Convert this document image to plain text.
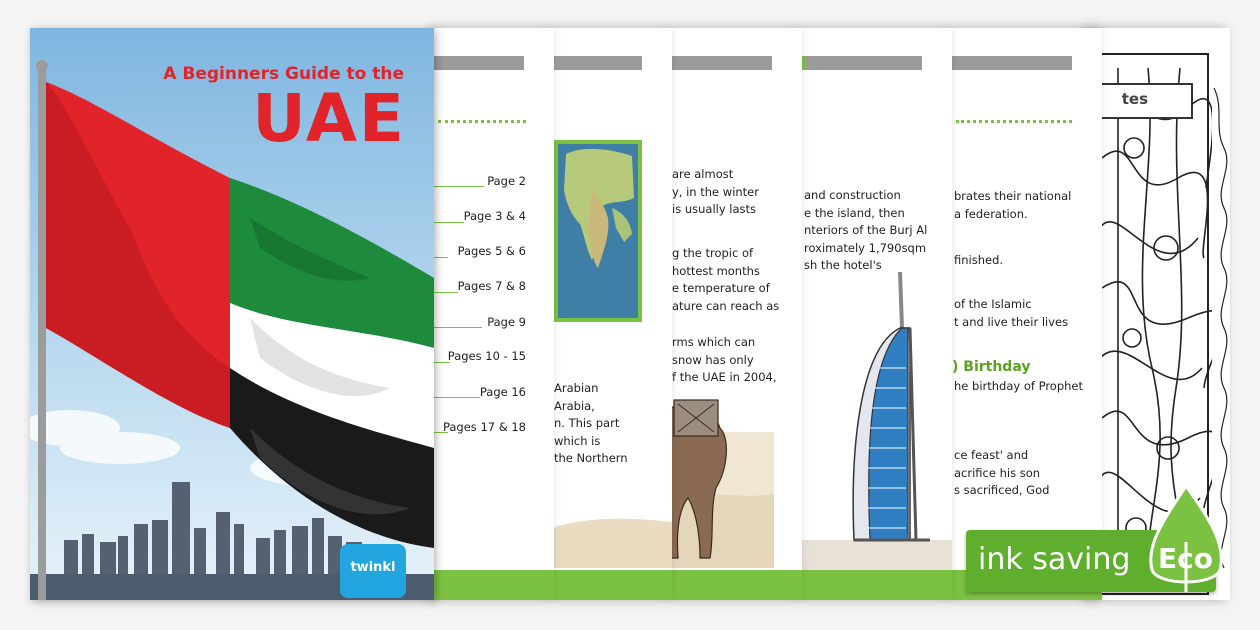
tes
brates their national
a federation.
finished.
of the Islamic
t and live their lives
) Birthday
he birthday of Prophet
ce feast' and
acrifice his son
s sacrificed, God
and construction
e the island, then
nteriors of the Burj Al
roximately 1,790sqm
sh the hotel's
are almost
y, in the winter
is usually lasts
g the tropic of
hottest months
e temperature of
ature can reach as
rms which can
snow has only
f the UAE in 2004,
Arabian
Arabia,
n. This part
which is
the Northern
Page 2
Page 3 & 4
Pages 5 & 6
Pages 7 & 8
Page 9
Pages 10 - 15
Page 16
Pages 17 & 18
A Beginners Guide to the
UAE
twinkl	ink saving Eco
